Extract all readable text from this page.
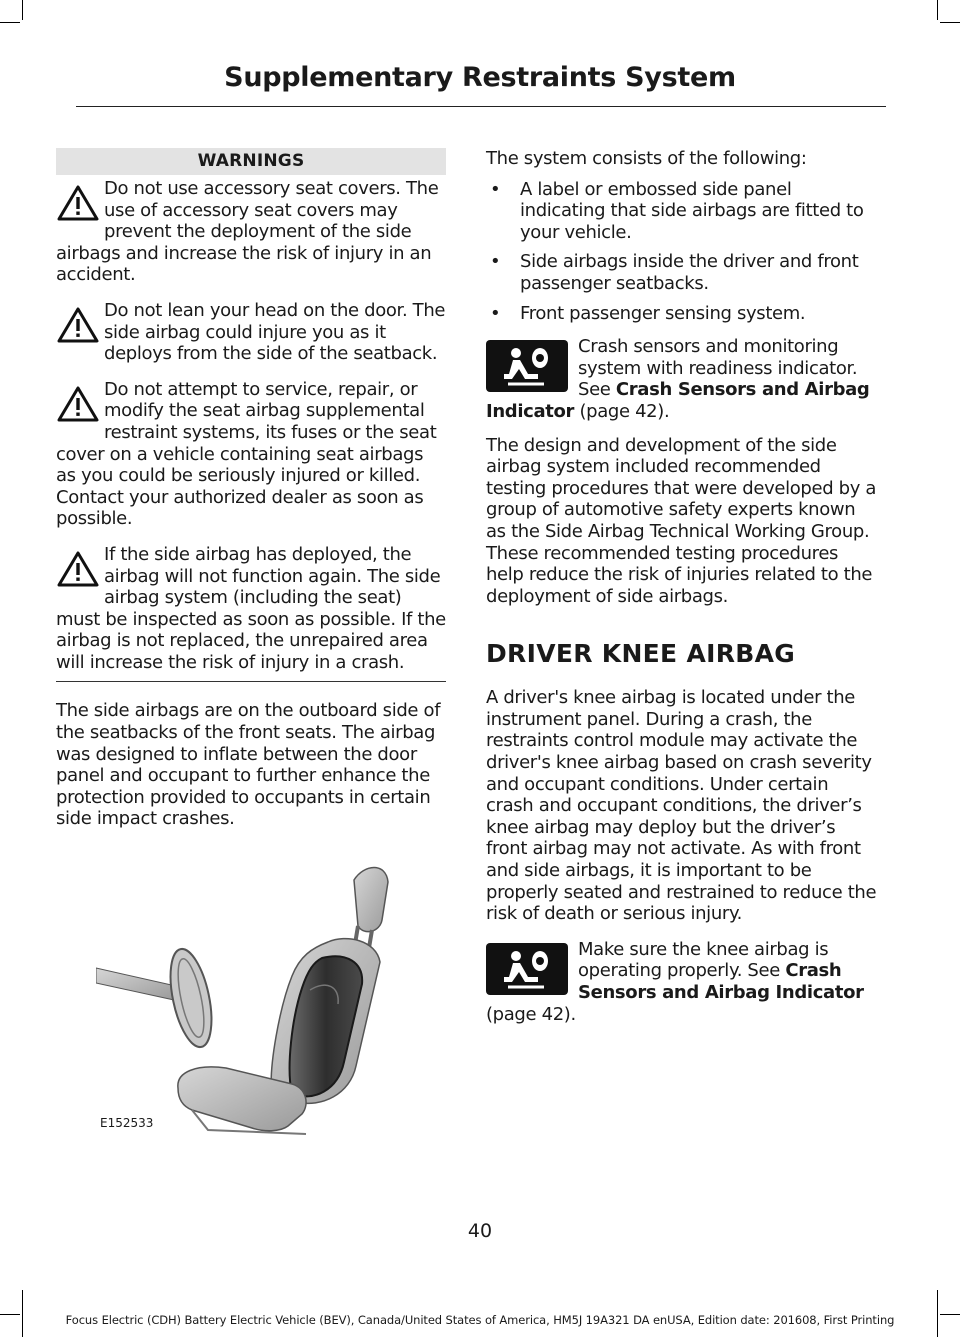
Supplementary Restraints System
WARNINGS
Do not use accessory seat covers. The use of accessory seat covers may prevent the deployment of the side airbags and increase the risk of injury in an accident.
Do not lean your head on the door. The side airbag could injure you as it deploys from the side of the seatback.
Do not attempt to service, repair, or modify the seat airbag supplemental restraint systems, its fuses or the seat cover on a vehicle containing seat airbags as you could be seriously injured or killed. Contact your authorized dealer as soon as possible.
If the side airbag has deployed, the airbag will not function again. The side airbag system (including the seat) must be inspected as soon as possible. If the airbag is not replaced, the unrepaired area will increase the risk of injury in a crash.

The side airbags are on the outboard side of the seatbacks of the front seats. The airbag was designed to inflate between the door panel and occupant to further enhance the protection provided to occupants in certain side impact crashes.

E152533

The system consists of the following:

• A label or embossed side panel indicating that side airbags are fitted to your vehicle.
• Side airbags inside the driver and front passenger seatbacks.
• Front passenger sensing system.
Crash sensors and monitoring system with readiness indicator. See Crash Sensors and Airbag Indicator (page 42).

The design and development of the side airbag system included recommended testing procedures that were developed by a group of automotive safety experts known as the Side Airbag Technical Working Group. These recommended testing procedures help reduce the risk of injuries related to the deployment of side airbags.

DRIVER KNEE AIRBAG

A driver's knee airbag is located under the instrument panel. During a crash, the restraints control module may activate the driver's knee airbag based on crash severity and occupant conditions. Under certain crash and occupant conditions, the driver’s knee airbag may deploy but the driver’s front airbag may not activate. As with front and side airbags, it is important to be properly seated and restrained to reduce the risk of death or serious injury.

Make sure the knee airbag is operating properly. See Crash Sensors and Airbag Indicator (page 42).
40
Focus Electric (CDH) Battery Electric Vehicle (BEV), Canada/United States of America, HM5J 19A321 DA enUSA, Edition date: 201608, First Printing
